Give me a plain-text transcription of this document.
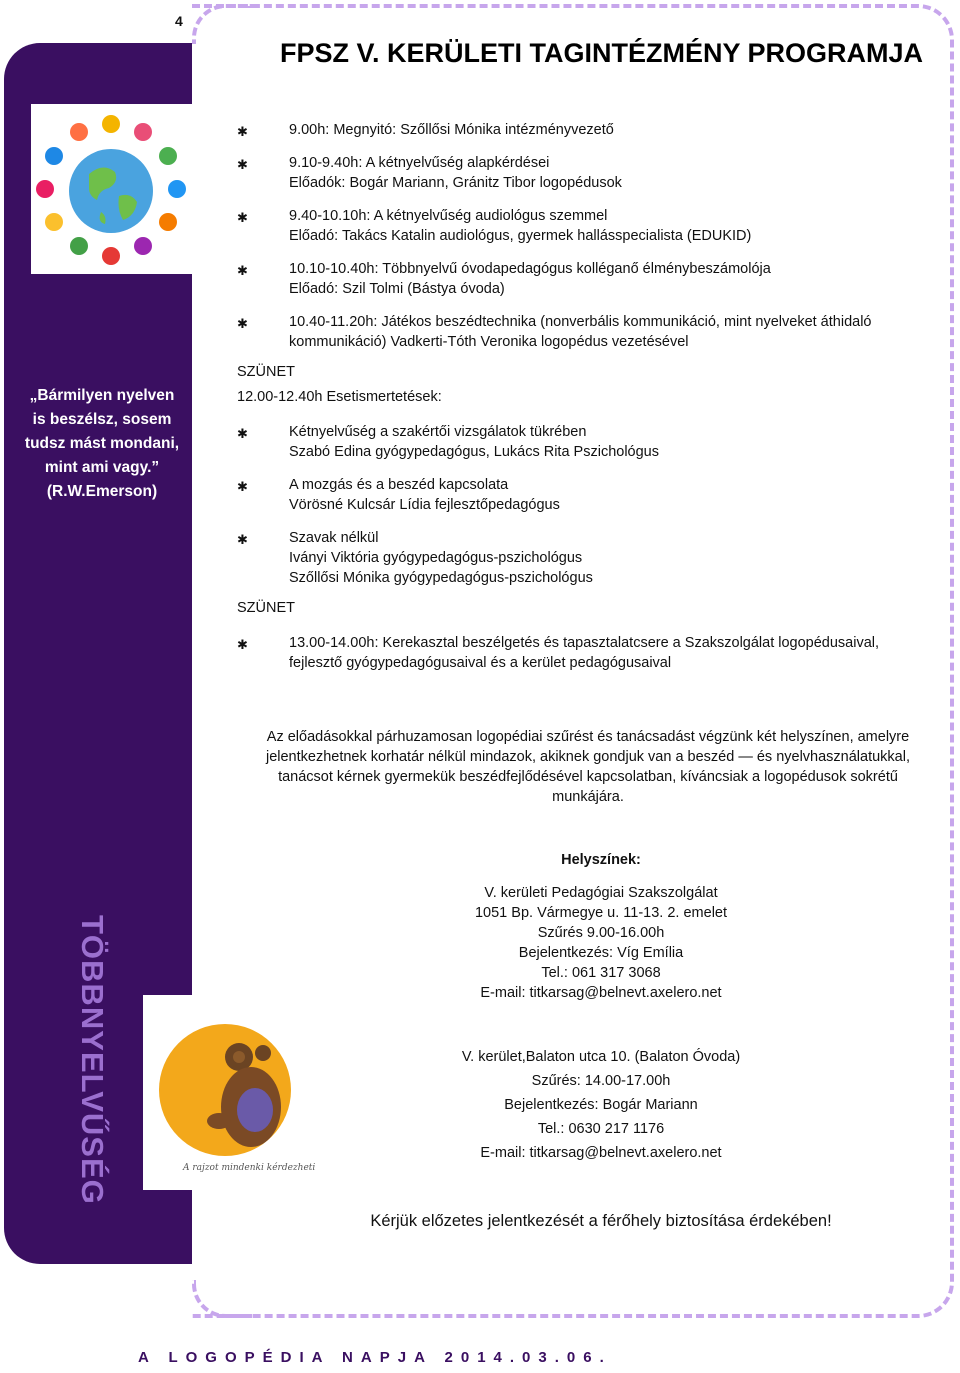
4
„Bármilyen nyelven
is beszélsz, sosem
tudsz mást mondani,
mint ami vagy.”
(R.W.Emerson)
TÖBBNYELVŰSÉG	A rajzot mindenki kérdezheti
FPSZ V. KERÜLETI TAGINTÉZMÉNY PROGRAMJA
✱	9.00h: Megnyitó: Szőllősi Mónika intézményvezető
✱	9.10-9.40h: A kétnyelvűség alapkérdései
Előadók: Bogár Mariann, Gránitz Tibor logopédusok
✱	9.40-10.10h: A kétnyelvűség audiológus szemmel
Előadó: Takács Katalin audiológus, gyermek hallásspecialista (EDUKID)
✱	10.10-10.40h: Többnyelvű óvodapedagógus kolléganő élménybeszámolója
Előadó: Szil Tolmi (Bástya óvoda)
✱	10.40-11.20h: Játékos beszédtechnika (nonverbális kommunikáció, mint nyelveket áthidaló
kommunikáció) Vadkerti-Tóth Veronika logopédus vezetésével

SZÜNET

12.00-12.40h Esetismertetések:

✱	Kétnyelvűség a szakértői vizsgálatok tükrében
Szabó Edina gyógypedagógus, Lukács Rita Pszichológus
✱	A mozgás és a beszéd kapcsolata
Vörösné Kulcsár Lídia fejlesztőpedagógus
✱	Szavak nélkül
Iványi Viktória gyógypedagógus-pszichológus
Szőllősi Mónika gyógypedagógus-pszichológus

SZÜNET

✱	13.00-14.00h: Kerekasztal beszélgetés és tapasztalatcsere a Szakszolgálat logopédusaival,
fejlesztő gyógypedagógusaival és a kerület pedagógusaival
Az előadásokkal párhuzamosan logopédiai szűrést és tanácsadást végzünk két helyszínen, amelyre
jelentkezhetnek korhatár nélkül mindazok, akiknek gondjuk van a beszéd — és nyelvhasználatukkal,
tanácsot kérnek gyermekük beszédfejlődésével kapcsolatban, kíváncsiak a logopédusok sokrétű
munkájára.
Helyszínek:
V. kerületi Pedagógiai Szakszolgálat
1051 Bp. Vármegye u. 11-13. 2. emelet
Szűrés 9.00-16.00h
Bejelentkezés: Víg Emília
Tel.: 061 317 3068
E-mail: titkarsag@belnevt.axelero.net
V. kerület,Balaton utca 10. (Balaton Óvoda)
Szűrés: 14.00-17.00h
Bejelentkezés: Bogár Mariann
Tel.: 0630 217 1176
E-mail: titkarsag@belnevt.axelero.net
Kérjük előzetes jelentkezését a férőhely biztosítása érdekében!
A LOGOPÉDIA NAPJA 2014.03.06.
